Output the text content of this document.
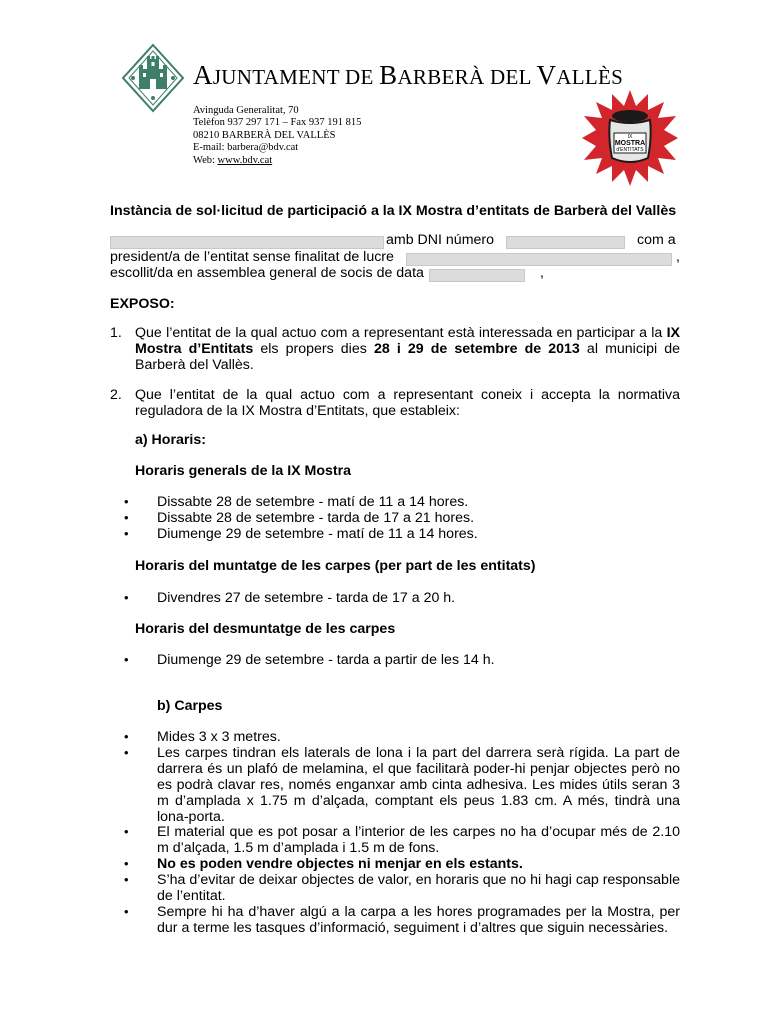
AJUNTAMENT DE BARBERÀ DEL VALLÈS
Avinguda Generalitat, 70
Telèfon 937 297 171 – Fax 937 191 815
08210 BARBERÀ DEL VALLÈS
E-mail: barbera@bdv.cat
Web: www.bdv.cat
IX
MOSTRA
d'ENTITATS
Instància de sol·licitud de participació a la IX Mostra d’entitats de Barberà del Vallès
amb DNI número	com a
president/a de l’entitat sense finalitat de lucre	,
escollit/da en assemblea general de socis de data	,
EXPOSO:
1. Que l’entitat de la qual actuo com a representant està interessada en participar a la IX Mostra d’Entitats els propers dies 28 i 29 de setembre de 2013 al municipi de Barberà del Vallès.
2. Que l’entitat de la qual actuo com a representant coneix i accepta la normativa reguladora de la IX Mostra d’Entitats, que estableix:
a) Horaris:
Horaris generals de la IX Mostra
• Dissabte 28 de setembre - matí de 11 a 14 hores.
• Dissabte 28 de setembre - tarda de 17 a 21 hores.
• Diumenge 29 de setembre - matí de 11 a 14 hores.
Horaris del muntatge de les carpes (per part de les entitats)
• Divendres 27 de setembre - tarda de 17 a 20 h.
Horaris del desmuntatge de les carpes
• Diumenge 29 de setembre - tarda a partir de les 14 h.
b) Carpes
• Mides 3 x 3 metres.
• Les carpes tindran els laterals de lona i la part del darrera serà rígida. La part de darrera és un plafó de melamina, el que facilitarà poder-hi penjar objectes però no es podrà clavar res, només enganxar amb cinta adhesiva. Les mides útils seran 3 m d’amplada x 1.75 m d’alçada, comptant els peus 1.83 cm. A més, tindrà una lona-porta.
• El material que es pot posar a l’interior de les carpes no ha d’ocupar més de 2.10 m d’alçada, 1.5 m d’amplada i 1.5 m de fons.
• No es poden vendre objectes ni menjar en els estants.
• S’ha d’evitar de deixar objectes de valor, en horaris que no hi hagi cap responsable de l’entitat.
• Sempre hi ha d’haver algú a la carpa a les hores programades per la Mostra, per dur a terme les tasques d’informació, seguiment i d’altres que siguin necessàries.
